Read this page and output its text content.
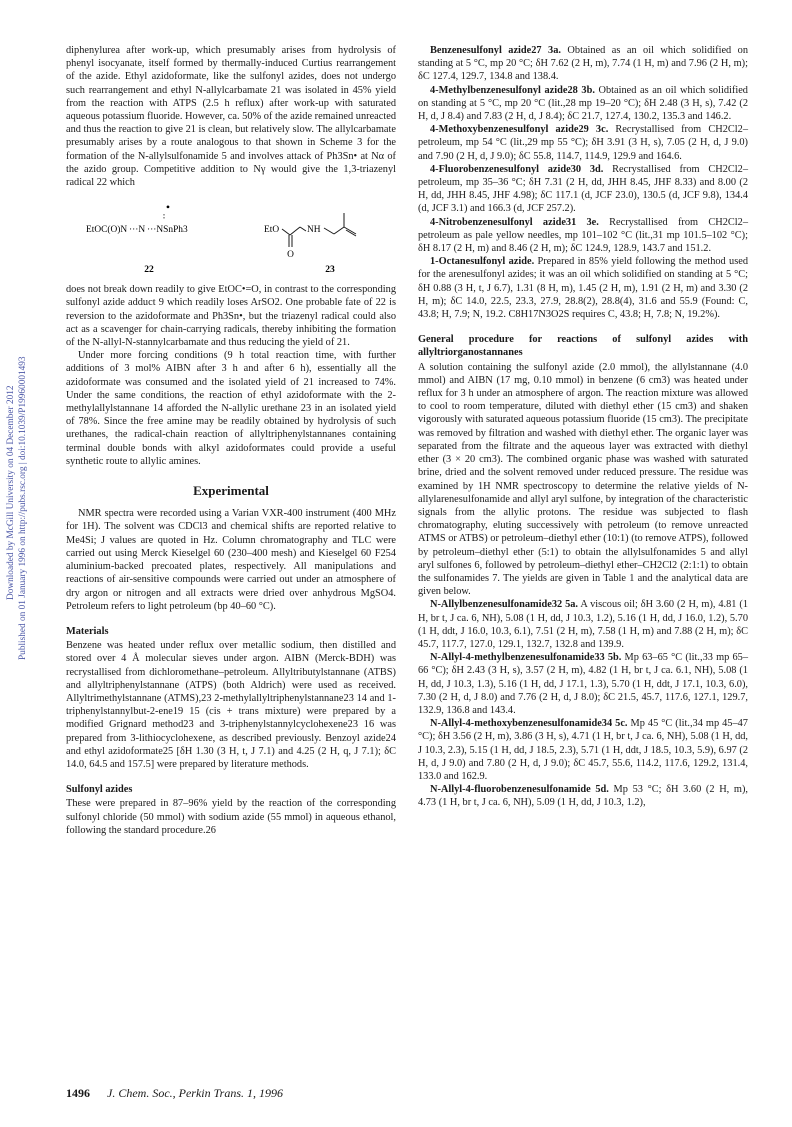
Downloaded by McGill University on 04 December 2012 Published on 01 January 1996 on http://pubs.rsc.org | doi:10.1039/P19960001493

diphenylurea after work-up, which presumably arises from hydrolysis of phenyl isocyanate, itself formed by thermally-induced Curtius rearrangement of the azide. Ethyl azidoformate, like the sulfonyl azides, does not undergo such rearrangement and ethyl N-allylcarbamate 21 was isolated in 45% yield from the reaction with ATPS (2.5 h reflux) after work-up with saturated aqueous potassium fluoride. However, ca. 50% of the azide remained unreacted and thus the reaction to give 21 is clean, but relatively slow. The allylcarbamate presumably arises by a route analogous to that shown in Scheme 3 for the formation of the N-allylsulfonamide 5 and involves attack of Ph3Sn• at Nα of the azido group. Competitive addition to Nγ would give the 1,3-triazenyl radical 22 which

•
EtOC(O)N ···N ···NSnPh3
22
EtO
O
NH
23

does not break down readily to give EtOC•=O, in contrast to the corresponding sulfonyl azide adduct 9 which readily loses ArSO2. One probable fate of 22 is reversion to the azidoformate and Ph3Sn•, but the triazenyl radical could also act as a scavenger for chain-carrying radicals, thereby inhibiting the formation of the N-allyl-N-stannylcarbamate and thus reducing the yield of 21.

Under more forcing conditions (9 h total reaction time, with further additions of 3 mol% AIBN after 3 h and after 6 h), essentially all the azidoformate was consumed and the isolated yield of 21 increased to 74%. Under the same conditions, the reaction of ethyl azidoformate with the 2-methylallylstannane 14 afforded the N-allylic urethane 23 in an isolated yield of 78%. Since the free amine may be readily obtained by hydrolysis of such urethanes, the radical-chain reaction of allyltriphenylstannanes containing terminal double bonds with alkyl azidoformates could provide a useful synthetic route to allylic amines.

Experimental

NMR spectra were recorded using a Varian VXR-400 instrument (400 MHz for 1H). The solvent was CDCl3 and chemical shifts are reported relative to Me4Si; J values are quoted in Hz. Column chromatography and TLC were carried out using Merck Kieselgel 60 (230–400 mesh) and Kieselgel 60 F254 aluminium-backed precoated plates, respectively. All manipulations and reactions of air-sensitive compounds were carried out under an atmosphere of dry argon or nitrogen and all extracts were dried over anhydrous MgSO4. Petroleum refers to light petroleum (bp 40–60 °C).

Materials

Benzene was heated under reflux over metallic sodium, then distilled and stored over 4 Å molecular sieves under argon. AIBN (Merck-BDH) was recrystallised from dichloromethane–petroleum. Allyltributylstannane (ATBS) and allyltriphenylstannane (ATPS) (both Aldrich) were used as received. Allyltrimethylstannane (ATMS),23 2-methylallyltriphenylstannane23 14 and 1-triphenylstannylbut-2-ene19 15 (cis + trans mixture) were prepared by a modified Grignard method23 and 3-triphenylstannylcyclohexene23 16 was prepared from 3-lithiocyclohexene, as described previously. Benzoyl azide24 and ethyl azidoformate25 [δH 1.30 (3 H, t, J 7.1) and 4.25 (2 H, q, J 7.1); δC 14.0, 64.5 and 157.5] were prepared by literature methods.

Sulfonyl azides

These were prepared in 87–96% yield by the reaction of the corresponding sulfonyl chloride (50 mmol) with sodium azide (55 mmol) in aqueous ethanol, following the standard procedure.26

Benzenesulfonyl azide27 3a. Obtained as an oil which solidified on standing at 5 °C, mp 20 °C; δH 7.62 (2 H, m), 7.74 (1 H, m) and 7.96 (2 H, m); δC 127.4, 129.7, 134.8 and 138.4.

4-Methylbenzenesulfonyl azide28 3b. Obtained as an oil which solidified on standing at 5 °C, mp 20 °C (lit.,28 mp 19–20 °C); δH 2.48 (3 H, s), 7.42 (2 H, d, J 8.4) and 7.83 (2 H, d, J 8.4); δC 21.7, 127.4, 130.2, 135.3 and 146.2.

4-Methoxybenzenesulfonyl azide29 3c. Recrystallised from CH2Cl2–petroleum, mp 54 °C (lit.,29 mp 55 °C); δH 3.91 (3 H, s), 7.05 (2 H, d, J 9.0) and 7.90 (2 H, d, J 9.0); δC 55.8, 114.7, 114.9, 129.9 and 164.6.

4-Fluorobenzenesulfonyl azide30 3d. Recrystallised from CH2Cl2–petroleum, mp 35–36 °C; δH 7.31 (2 H, dd, JHH 8.45, JHF 8.33) and 8.00 (2 H, dd, JHH 8.45, JHF 4.98); δC 117.1 (d, JCF 23.0), 130.5 (d, JCF 9.8), 134.4 (d, JCF 3.1) and 166.3 (d, JCF 257.2).

4-Nitrobenzenesulfonyl azide31 3e. Recrystallised from CH2Cl2–petroleum as pale yellow needles, mp 101–102 °C (lit.,31 mp 101.5–102 °C); δH 8.17 (2 H, m) and 8.46 (2 H, m); δC 124.9, 128.9, 143.7 and 151.2.

1-Octanesulfonyl azide. Prepared in 85% yield following the method used for the arenesulfonyl azides; it was an oil which solidified on standing at 5 °C; δH 0.88 (3 H, t, J 6.7), 1.31 (8 H, m), 1.45 (2 H, m), 1.91 (2 H, m) and 3.30 (2 H, m); δC 14.0, 22.5, 23.3, 27.9, 28.8(2), 28.8(4), 31.6 and 55.9 (Found: C, 43.8; H, 7.9; N, 19.2. C8H17N3O2S requires C, 43.8; H, 7.8; N, 19.2%).

General procedure for reactions of sulfonyl azides with allyltriorganostannanes

A solution containing the sulfonyl azide (2.0 mmol), the allylstannane (4.0 mmol) and AIBN (17 mg, 0.10 mmol) in benzene (6 cm3) was heated under reflux for 3 h under an atmosphere of argon. The reaction mixture was allowed to cool to room temperature, diluted with diethyl ether (15 cm3) and shaken vigorously with saturated aqueous potassium fluoride (15 cm3). The precipitate was removed by filtration and washed with diethyl ether. The organic layer was separated from the filtrate and the aqueous layer was extracted with diethyl ether (3 × 20 cm3). The combined organic phase was washed with saturated brine, dried and the solvent removed under reduced pressure. The residue was examined by 1H NMR spectroscopy to determine the relative yields of N-allylarenesulfonamide and allyl aryl sulfone, by integration of the characteristic signals from the allylic protons. The residue was subjected to flash chromatography, eluting successively with petroleum (to remove unreacted ATMS or ATBS) or petroleum–diethyl ether (10:1) (to remove ATPS), followed by petroleum–diethyl ether (5:1) to obtain the allylsulfonamides 5 and allyl aryl sulfones 6, followed by petroleum–diethyl ether–CH2Cl2 (2:1:1) to obtain the sulfonamides 7. The yields are given in Table 1 and the analytical data are given below.

N-Allylbenzenesulfonamide32 5a. A viscous oil; δH 3.60 (2 H, m), 4.81 (1 H, br t, J ca. 6, NH), 5.08 (1 H, dd, J 10.3, 1.2), 5.16 (1 H, dd, J 16.0, 1.2), 5.70 (1 H, ddt, J 16.0, 10.3, 6.1), 7.51 (2 H, m), 7.58 (1 H, m) and 7.88 (2 H, m); δC 45.7, 117.7, 127.0, 129.1, 132.7, 132.8 and 139.9.

N-Allyl-4-methylbenzenesulfonamide33 5b. Mp 63–65 °C (lit.,33 mp 65–66 °C); δH 2.43 (3 H, s), 3.57 (2 H, m), 4.82 (1 H, br t, J ca. 6.1, NH), 5.08 (1 H, dd, J 10.3, 1.3), 5.16 (1 H, dd, J 17.1, 1.3), 5.70 (1 H, ddt, J 17.1, 10.3, 6.0), 7.30 (2 H, d, J 8.0) and 7.76 (2 H, d, J 8.0); δC 21.5, 45.7, 117.6, 127.1, 129.7, 132.9, 136.8 and 143.4.

N-Allyl-4-methoxybenzenesulfonamide34 5c. Mp 45 °C (lit.,34 mp 45–47 °C); δH 3.56 (2 H, m), 3.86 (3 H, s), 4.71 (1 H, br t, J ca. 6, NH), 5.08 (1 H, dd, J 10.3, 2.3), 5.15 (1 H, dd, J 18.5, 2.3), 5.71 (1 H, ddt, J 18.5, 10.3, 5.9), 6.97 (2 H, d, J 9.0) and 7.80 (2 H, d, J 9.0); δC 45.7, 55.6, 114.2, 117.6, 129.2, 131.4, 133.0 and 162.9.

N-Allyl-4-fluorobenzenesulfonamide 5d. Mp 53 °C; δH 3.60 (2 H, m), 4.73 (1 H, br t, J ca. 6, NH), 5.09 (1 H, dd, J 10.3, 1.2),

1496 J. Chem. Soc., Perkin Trans. 1, 1996
